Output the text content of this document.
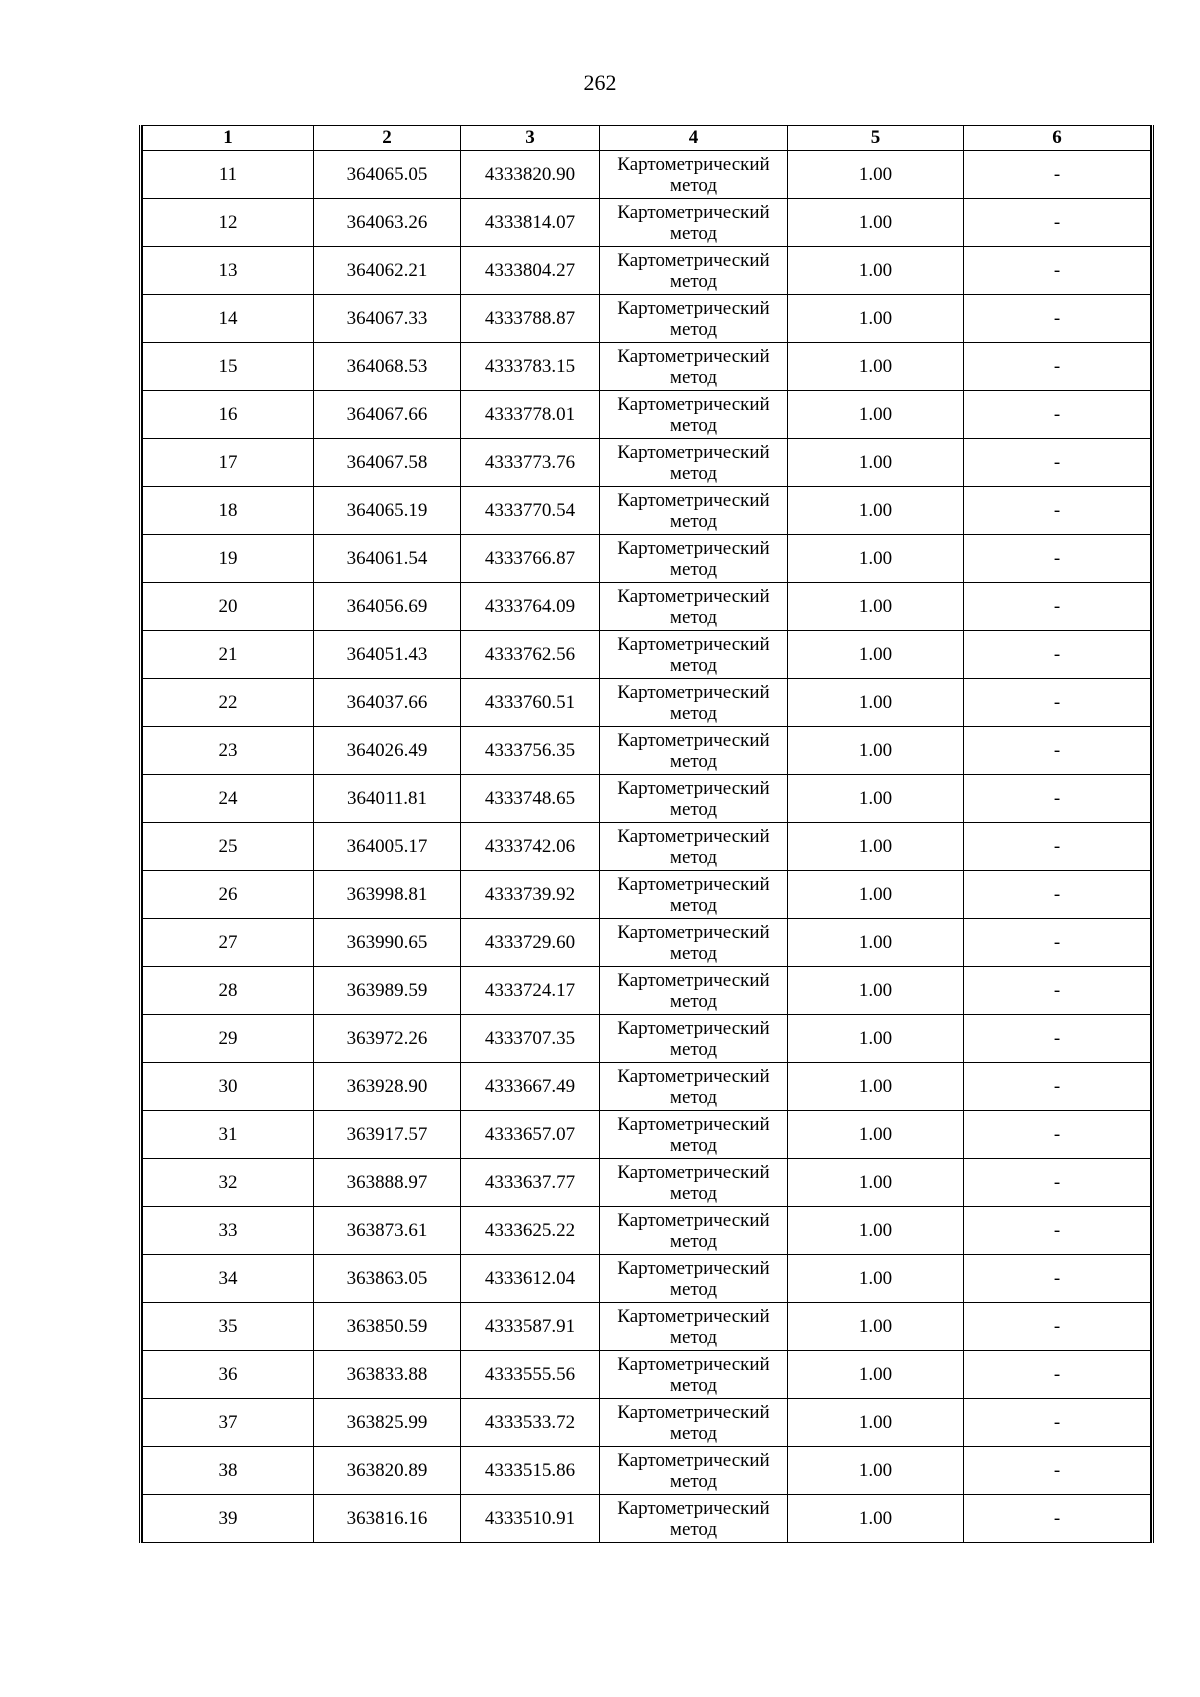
262
1	2	3	4	5	6
11	364065.05	4333820.90	Картометрический метод	1.00	-
12	364063.26	4333814.07	Картометрический метод	1.00	-
13	364062.21	4333804.27	Картометрический метод	1.00	-
14	364067.33	4333788.87	Картометрический метод	1.00	-
15	364068.53	4333783.15	Картометрический метод	1.00	-
16	364067.66	4333778.01	Картометрический метод	1.00	-
17	364067.58	4333773.76	Картометрический метод	1.00	-
18	364065.19	4333770.54	Картометрический метод	1.00	-
19	364061.54	4333766.87	Картометрический метод	1.00	-
20	364056.69	4333764.09	Картометрический метод	1.00	-
21	364051.43	4333762.56	Картометрический метод	1.00	-
22	364037.66	4333760.51	Картометрический метод	1.00	-
23	364026.49	4333756.35	Картометрический метод	1.00	-
24	364011.81	4333748.65	Картометрический метод	1.00	-
25	364005.17	4333742.06	Картометрический метод	1.00	-
26	363998.81	4333739.92	Картометрический метод	1.00	-
27	363990.65	4333729.60	Картометрический метод	1.00	-
28	363989.59	4333724.17	Картометрический метод	1.00	-
29	363972.26	4333707.35	Картометрический метод	1.00	-
30	363928.90	4333667.49	Картометрический метод	1.00	-
31	363917.57	4333657.07	Картометрический метод	1.00	-
32	363888.97	4333637.77	Картометрический метод	1.00	-
33	363873.61	4333625.22	Картометрический метод	1.00	-
34	363863.05	4333612.04	Картометрический метод	1.00	-
35	363850.59	4333587.91	Картометрический метод	1.00	-
36	363833.88	4333555.56	Картометрический метод	1.00	-
37	363825.99	4333533.72	Картометрический метод	1.00	-
38	363820.89	4333515.86	Картометрический метод	1.00	-
39	363816.16	4333510.91	Картометрический метод	1.00	-
